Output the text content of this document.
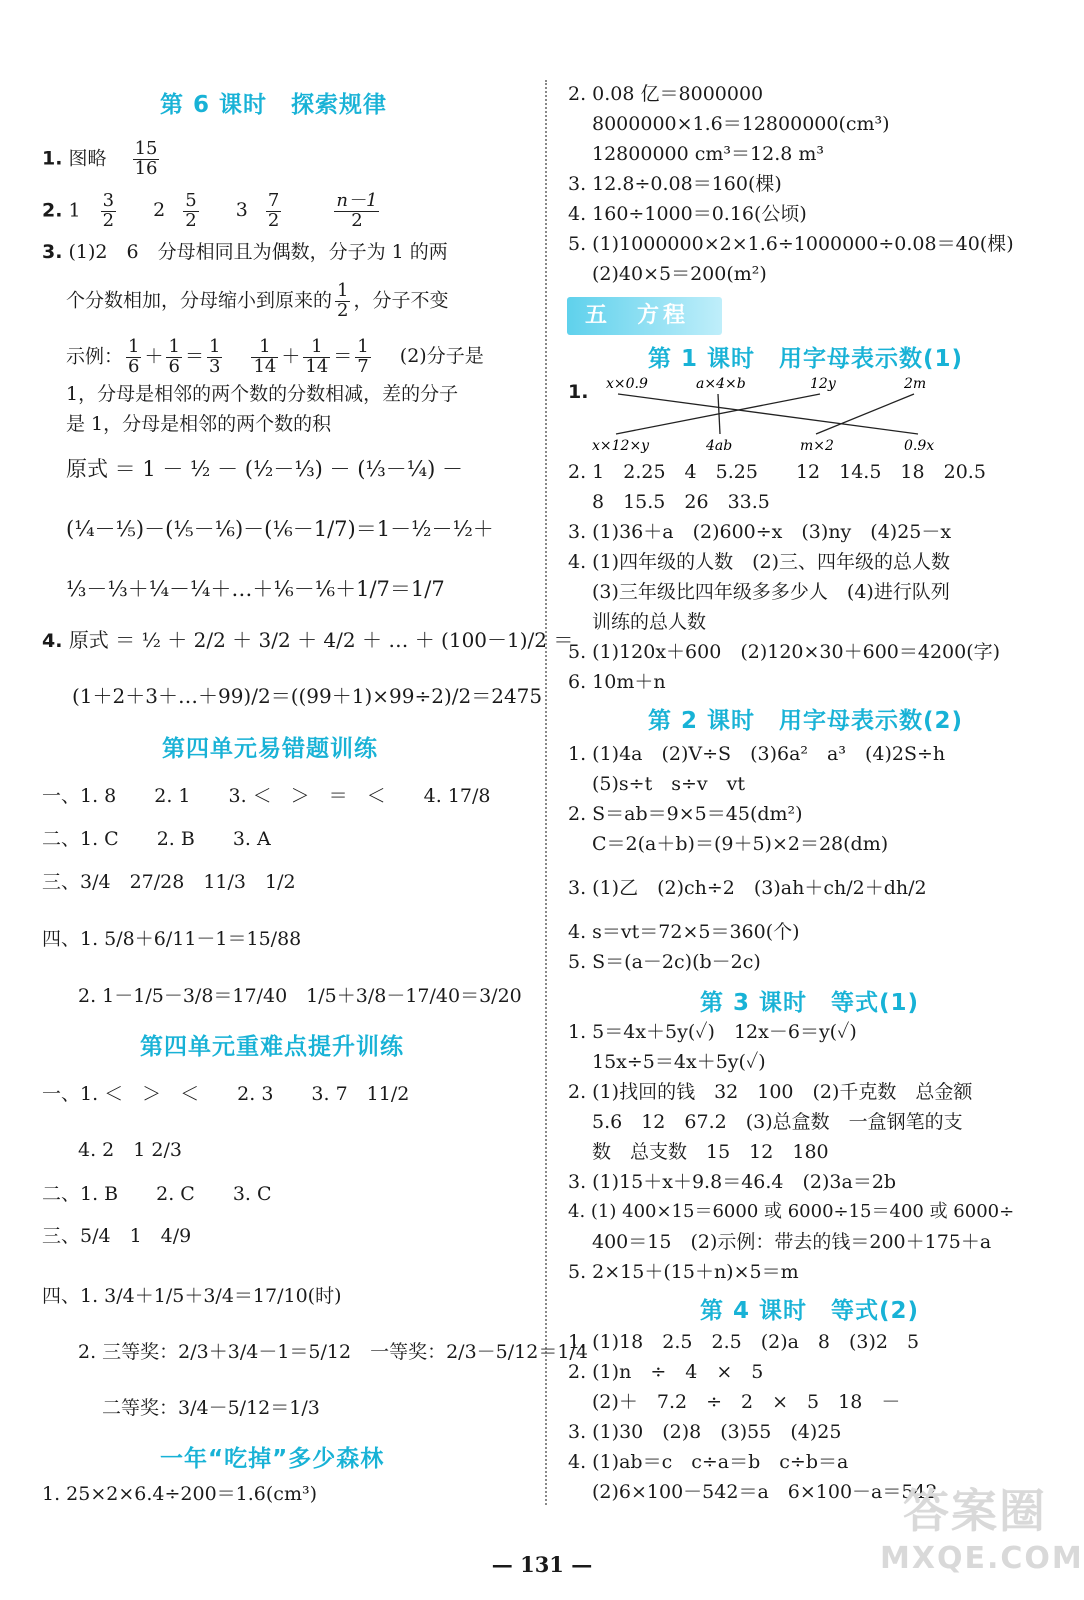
第 6 课时　探索规律
1. 图略 $\frac{15}{16}$
2. $1 \frac{3}{2} 2 \frac{5}{2} 3 \frac{7}{2}$
	$\frac{n-1}{2}$
3. (1)2　6　分母相同且为偶数，分子为 1 的两
个分数相加，分母缩小到原来的 $\frac{1}{2}$ ，分子不变
示例： $\frac{1}{6} + \frac{1}{6} = \frac{1}{3}$
$\frac{1}{14} + \frac{1}{14} = \frac{1}{7} (2)$分子是
1，分母是相邻的两个数的分数相减，差的分子
是 1，分母是相邻的两个数的积
原式 ＝ 1 － ½ － (½－⅓) － (⅓－¼) －
(¼－⅕)－(⅕－⅙)－(⅙－1/7)＝1－½－½＋
⅓－⅓＋¼－¼＋…＋⅙－⅙＋1/7＝1/7
4. 原式 ＝ ½ ＋ 2/2 ＋ 3/2 ＋ 4/2 ＋ … ＋ (100－1)/2 ＝
(1＋2＋3＋…＋99)/2＝((99＋1)×99÷2)/2＝2475
第四单元易错题训练
一、1. 8　　2. 1　　3. ＜　＞　＝　＜　　4. 17/8
二、1. C　　2. B　　3. A
三、3/4　27/28　11/3　1/2
四、1. 5/8＋6/11－1＝15/88
2. 1－1/5－3/8＝17/40　1/5＋3/8－17/40＝3/20
第四单元重难点提升训练
一、1. ＜　＞　＜　　2. 3　　3. 7　11/2
4. 2　1 2/3
二、1. B　　2. C　　3. C
三、5/4　1　4/9
四、1. 3/4＋1/5＋3/4＝17/10(时)
2. 三等奖：2/3＋3/4－1＝5/12　一等奖：2/3－5/12＝1/4
二等奖：3/4－5/12＝1/3
一年“吃掉”多少森林
1. 25×2×6.4÷200＝1.6(cm³)
2. 0.08 亿＝8000000
8000000×1.6＝12800000(cm³)
12800000 cm³＝12.8 m³
3. 12.8÷0.08＝160(棵)
4. 160÷1000＝0.16(公顷)
5. (1)1000000×2×1.6÷1000000÷0.08＝40(棵)
(2)40×5＝200(m²)
五　方程
第 1 课时　用字母表示数(1)
1. x×0.9	a×4×b	12y	2m
x×12×y	4ab	m×2	0.9x
2. 1　2.25　4　5.25　　12　14.5　18　20.5
8　15.5　26　33.5
3. (1)36＋a　(2)600÷x　(3)ny　(4)25－x
4. (1)四年级的人数　(2)三、四年级的总人数
(3)三年级比四年级多多少人　(4)进行队列
训练的总人数
5. (1)120x＋600　(2)120×30＋600＝4200(字)
6. 10m＋n
第 2 课时　用字母表示数(2)
1. (1)4a　(2)V÷S　(3)6a²　a³　(4)2S÷h
(5)s÷t　s÷v　vt
2. S＝ab＝9×5＝45(dm²)
C＝2(a＋b)＝(9＋5)×2＝28(dm)
3. (1)乙　(2)ch÷2　(3)ah＋ch/2＋dh/2
4. s＝vt＝72×5＝360(个)
5. S＝(a－2c)(b－2c)
第 3 课时　等式(1)
1. 5＝4x＋5y(✓)　12x－6＝y(✓)
15x÷5＝4x＋5y(✓)
2. (1)找回的钱　32　100　(2)千克数　总金额
5.6　12　67.2　(3)总盒数　一盒钢笔的支
数　总支数　15　12　180
3. (1)15＋x＋9.8＝46.4　(2)3a＝2b
4. (1) 400×15＝6000 或 6000÷15＝400 或 6000÷
400＝15　(2)示例：带去的钱＝200＋175＋a
5. 2×15＋(15＋n)×5＝m
第 4 课时　等式(2)
1. (1)18　2.5　2.5　(2)a　8　(3)2　5
2. (1)n　÷　4　×　5
(2)＋　7.2　÷　2　×　5　18　－
3. (1)30　(2)8　(3)55　(4)25
4. (1)ab＝c　c÷a＝b　c÷b＝a
(2)6×100－542＝a　6×100－a＝542
— 131 —
答案圈
MXQE.COM
